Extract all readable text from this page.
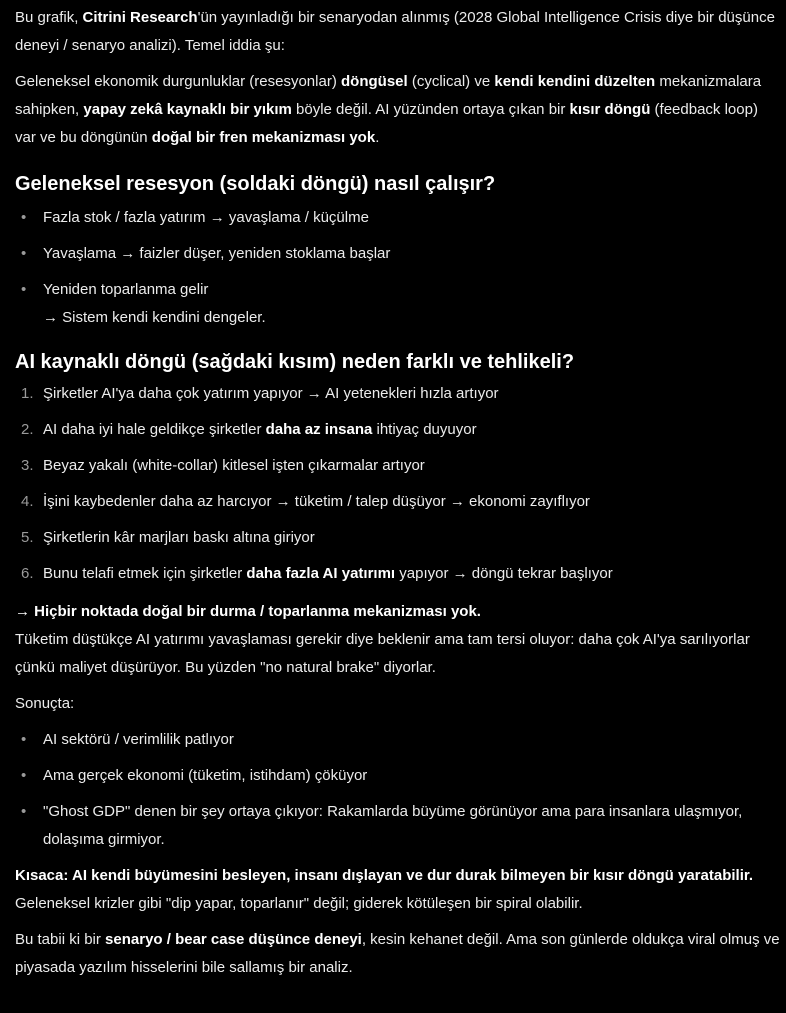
Bu grafik, Citrini Research'ün yayınladığı bir senaryodan alınmış (2028 Global Intelligence Crisis diye bir düşünce deneyi / senaryo analizi). Temel iddia şu:

Geleneksel ekonomik durgunluklar (resesyonlar) döngüsel (cyclical) ve kendi kendini düzelten mekanizmalara sahipken, yapay zekâ kaynaklı bir yıkım böyle değil. AI yüzünden ortaya çıkan bir kısır döngü (feedback loop) var ve bu döngünün doğal bir fren mekanizması yok.

Geleneksel resesyon (soldaki döngü) nasıl çalışır?
• Fazla stok / fazla yatırım → yavaşlama / küçülme
• Yavaşlama → faizler düşer, yeniden stoklama başlar
• Yeniden toparlanma gelir
→ Sistem kendi kendini dengeler.
AI kaynaklı döngü (sağdaki kısım) neden farklı ve tehlikeli?
1. Şirketler AI'ya daha çok yatırım yapıyor → AI yetenekleri hızla artıyor
2. AI daha iyi hale geldikçe şirketler daha az insana ihtiyaç duyuyor
3. Beyaz yakalı (white-collar) kitlesel işten çıkarmalar artıyor
4. İşini kaybedenler daha az harcıyor → tüketim / talep düşüyor → ekonomi zayıflıyor
5. Şirketlerin kâr marjları baskı altına giriyor
6. Bunu telafi etmek için şirketler daha fazla AI yatırımı yapıyor → döngü tekrar başlıyor

→ Hiçbir noktada doğal bir durma / toparlanma mekanizması yok.
Tüketim düştükçe AI yatırımı yavaşlaması gerekir diye beklenir ama tam tersi oluyor: daha çok AI'ya sarılıyorlar çünkü maliyet düşürüyor. Bu yüzden "no natural brake" diyorlar.

Sonuçta:

• AI sektörü / verimlilik patlıyor
• Ama gerçek ekonomi (tüketim, istihdam) çöküyor
• "Ghost GDP" denen bir şey ortaya çıkıyor: Rakamlarda büyüme görünüyor ama para insanlara ulaşmıyor, dolaşıma girmiyor.

Kısaca: AI kendi büyümesini besleyen, insanı dışlayan ve dur durak bilmeyen bir kısır döngü yaratabilir. Geleneksel krizler gibi "dip yapar, toparlanır" değil; giderek kötüleşen bir spiral olabilir.

Bu tabii ki bir senaryo / bear case düşünce deneyi, kesin kehanet değil. Ama son günlerde oldukça viral olmuş ve piyasada yazılım hisselerini bile sallamış bir analiz.
